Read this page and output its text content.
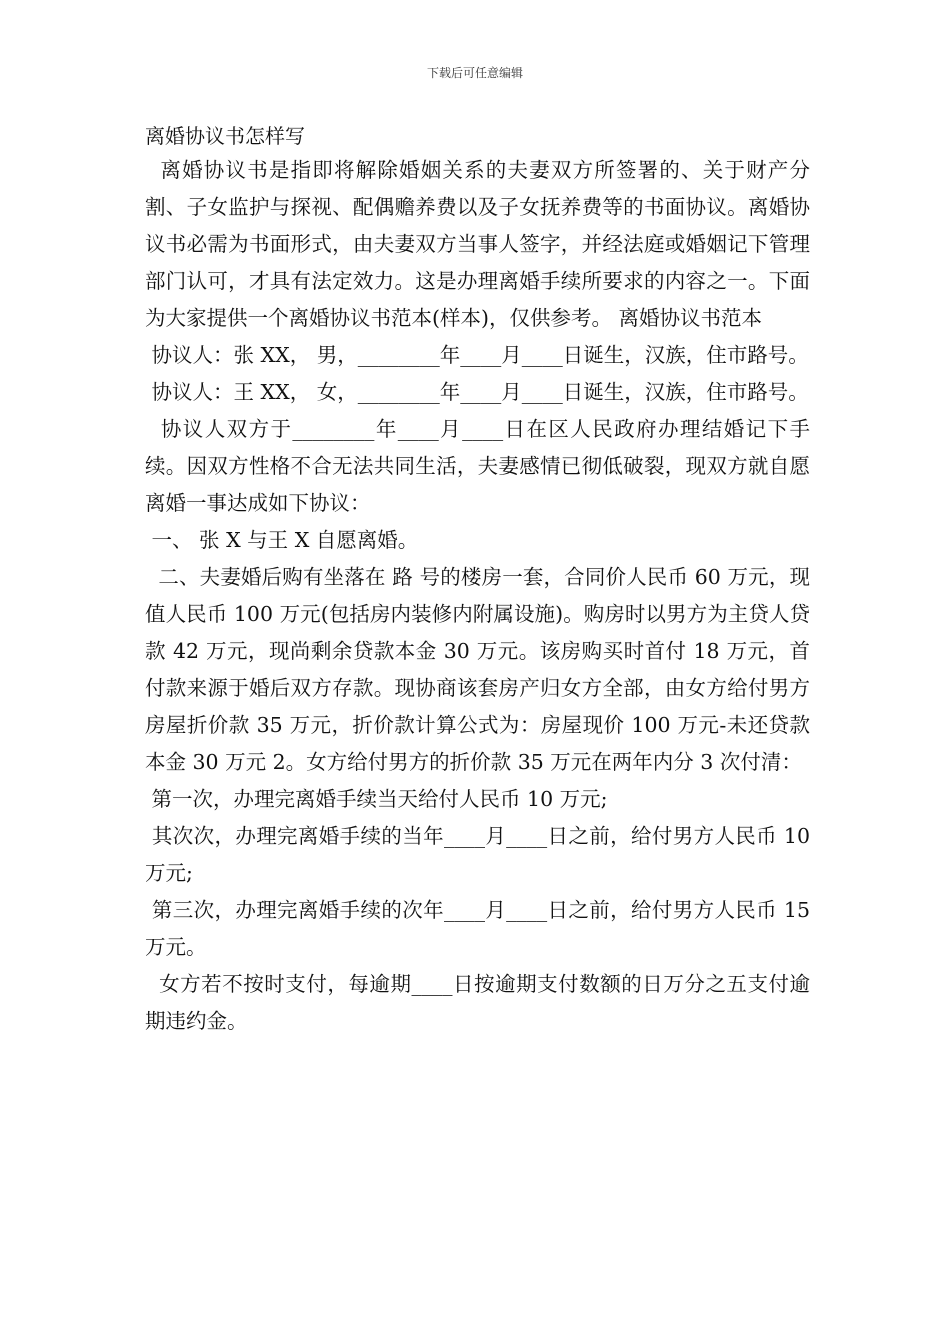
下载后可任意编辑
离婚协议书怎样写

离婚协议书是指即将解除婚姻关系的夫妻双方所签署的、关于财产分割、子女监护与探视、配偶赡养费以及子女抚养费等的书面协议。离婚协议书必需为书面形式，由夫妻双方当事人签字，并经法庭或婚姻记下管理部门认可，才具有法定效力。这是办理离婚手续所要求的内容之一。下面为大家提供一个离婚协议书范本(样本)，仅供参考。 离婚协议书范本

协议人：张 XX， 男，________年____月____日诞生，汉族，住市路号。

协议人：王 XX， 女，________年____月____日诞生，汉族，住市路号。

协议人双方于________年____月____日在区人民政府办理结婚记下手续。因双方性格不合无法共同生活，夫妻感情已彻低破裂，现双方就自愿离婚一事达成如下协议：

一、 张 X 与王 X 自愿离婚。

二、夫妻婚后购有坐落在 路 号的楼房一套，合同价人民币 60 万元，现值人民币 100 万元(包括房内装修内附属设施)。购房时以男方为主贷人贷款 42 万元，现尚剩余贷款本金 30 万元。该房购买时首付 18 万元，首付款来源于婚后双方存款。现协商该套房产归女方全部，由女方给付男方房屋折价款 35 万元，折价款计算公式为：房屋现价 100 万元-未还贷款本金 30 万元 2。女方给付男方的折价款 35 万元在两年内分 3 次付清：

第一次，办理完离婚手续当天给付人民币 10 万元;

其次次，办理完离婚手续的当年____月____日之前，给付男方人民币 10 万元;

第三次，办理完离婚手续的次年____月____日之前，给付男方人民币 15 万元。

女方若不按时支付，每逾期____日按逾期支付数额的日万分之五支付逾期违约金。
